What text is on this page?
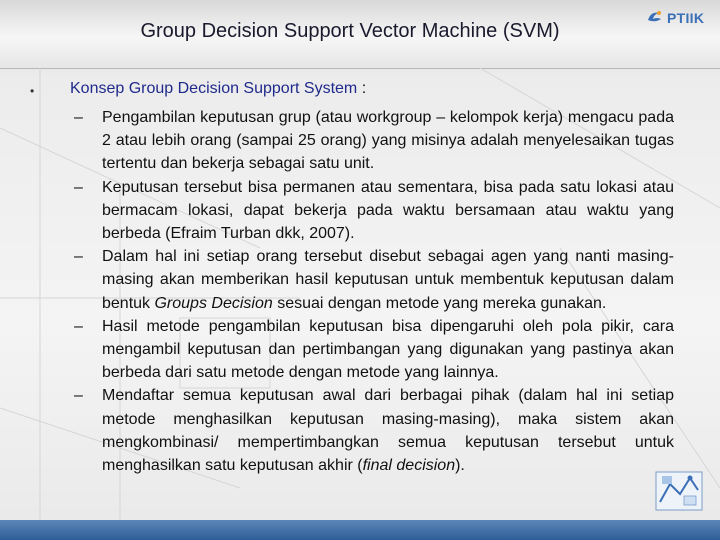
Group Decision Support Vector Machine (SVM)
PTIIK
• Konsep Group Decision Support System :
– Pengambilan keputusan grup (atau workgroup – kelompok kerja) mengacu pada 2 atau lebih orang (sampai 25 orang) yang misinya adalah menyelesaikan tugas tertentu dan bekerja sebagai satu unit.
– Keputusan tersebut bisa permanen atau sementara, bisa pada satu lokasi atau bermacam lokasi, dapat bekerja pada waktu bersamaan atau waktu yang berbeda (Efraim Turban dkk, 2007).
– Dalam hal ini setiap orang tersebut disebut sebagai agen yang nanti masing-masing akan memberikan hasil keputusan untuk membentuk keputusan dalam bentuk Groups Decision sesuai dengan metode yang mereka gunakan.
– Hasil metode pengambilan keputusan bisa dipengaruhi oleh pola pikir, cara mengambil keputusan dan pertimbangan yang digunakan yang pastinya akan berbeda dari satu metode dengan metode yang lainnya.
– Mendaftar semua keputusan awal dari berbagai pihak (dalam hal ini setiap metode menghasilkan keputusan masing-masing), maka sistem akan mengkombinasi/ mempertimbangkan semua keputusan tersebut untuk menghasilkan satu keputusan akhir (final decision).
